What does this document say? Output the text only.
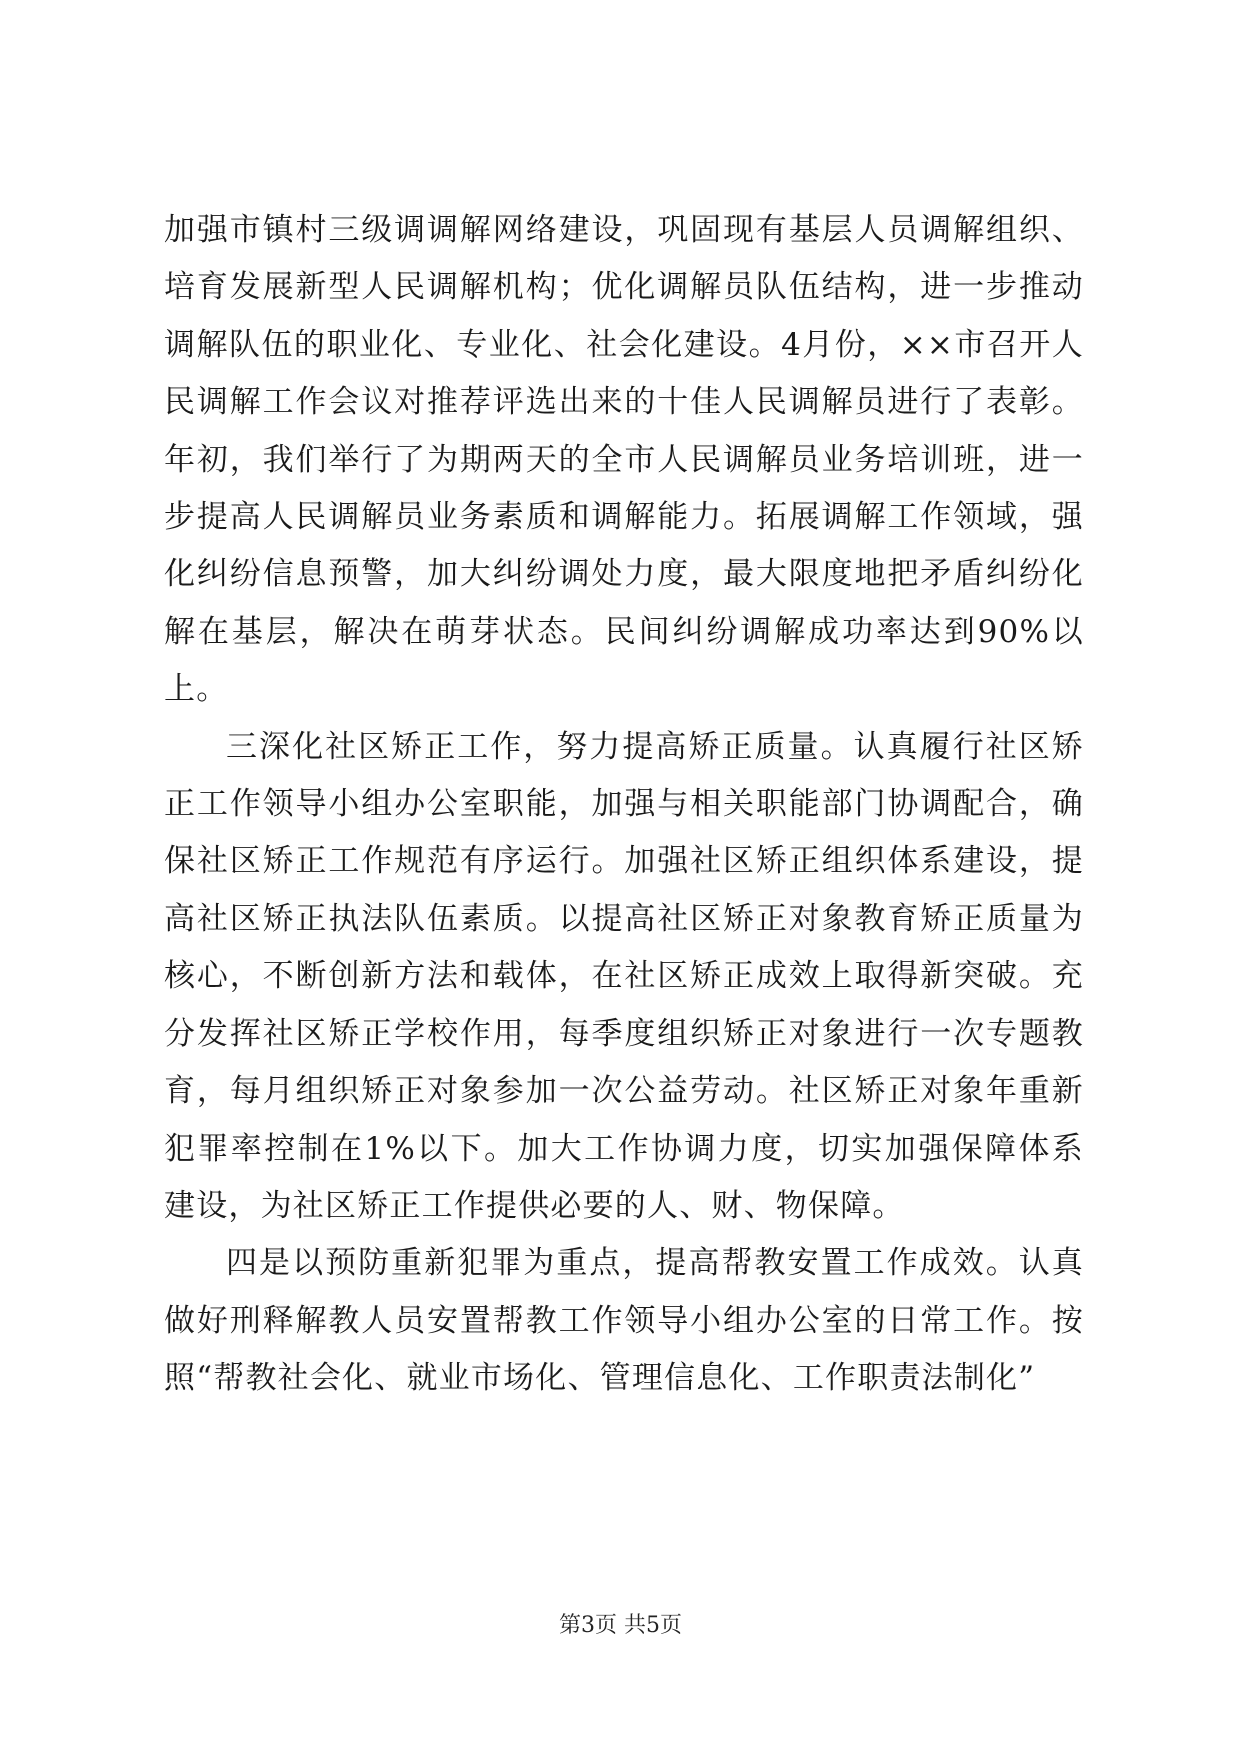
加强市镇村三级调调解网络建设，巩固现有基层人员调解组织、培育发展新型人民调解机构；优化调解员队伍结构，进一步推动调解队伍的职业化、专业化、社会化建设。4月份，××市召开人民调解工作会议对推荐评选出来的十佳人民调解员进行了表彰。年初，我们举行了为期两天的全市人民调解员业务培训班，进一步提高人民调解员业务素质和调解能力。拓展调解工作领域，强化纠纷信息预警，加大纠纷调处力度，最大限度地把矛盾纠纷化解在基层，解决在萌芽状态。民间纠纷调解成功率达到90%以上。

三深化社区矫正工作，努力提高矫正质量。认真履行社区矫正工作领导小组办公室职能，加强与相关职能部门协调配合，确保社区矫正工作规范有序运行。加强社区矫正组织体系建设，提高社区矫正执法队伍素质。以提高社区矫正对象教育矫正质量为核心，不断创新方法和载体，在社区矫正成效上取得新突破。充分发挥社区矫正学校作用，每季度组织矫正对象进行一次专题教育，每月组织矫正对象参加一次公益劳动。社区矫正对象年重新犯罪率控制在1%以下。加大工作协调力度，切实加强保障体系建设，为社区矫正工作提供必要的人、财、物保障。

四是以预防重新犯罪为重点，提高帮教安置工作成效。认真做好刑释解教人员安置帮教工作领导小组办公室的日常工作。按照“帮教社会化、就业市场化、管理信息化、工作职责法制化”

第3页 共5页
